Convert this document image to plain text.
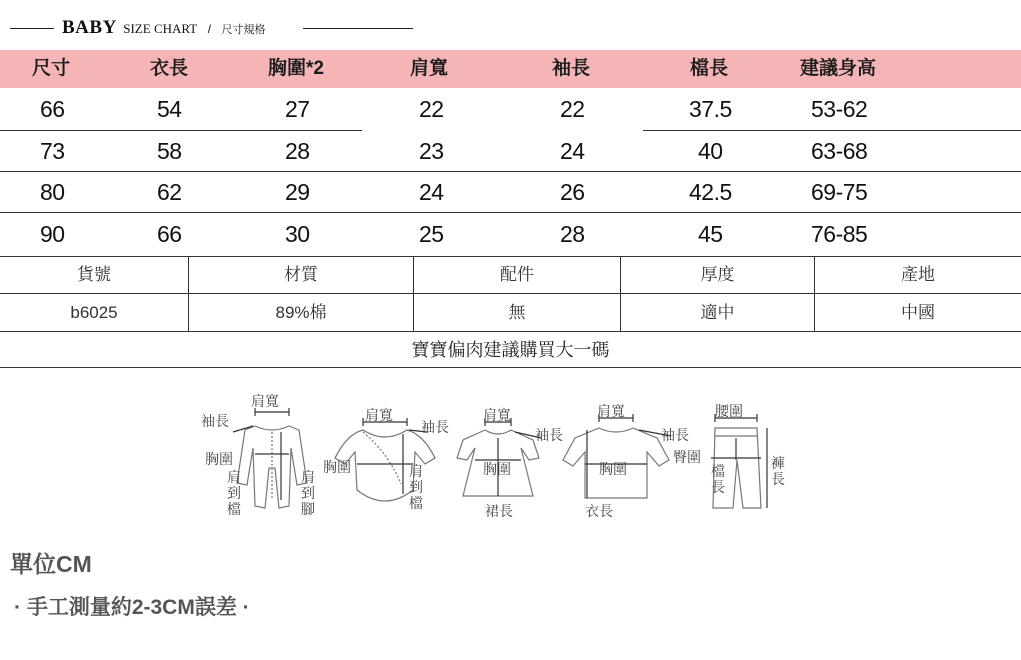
BABY SIZE CHART / 尺寸規格
尺寸	衣長	胸圍*2	肩寬	袖長	檔長	建議身高
66	54	27	22	22	37.5	53-62
73	58	28	23	24	40	63-68
80	62	29	24	26	42.5	69-75
90	66	30	25	28	45	76-85
貨號	材質	配件	厚度	產地
b6025	89%棉	無	適中	中國
寶寶偏肉建議購買大一碼
肩寬
袖長
胸圍
肩到檔
肩到腳
肩寬
袖長
胸圍	肩到檔
肩寬
袖長
胸圍
裙長
肩寬
袖長
胸圍
衣長
腰圍
臀圍
檔長
褲長
單位CM
· 手工測量約2-3CM誤差 ·
